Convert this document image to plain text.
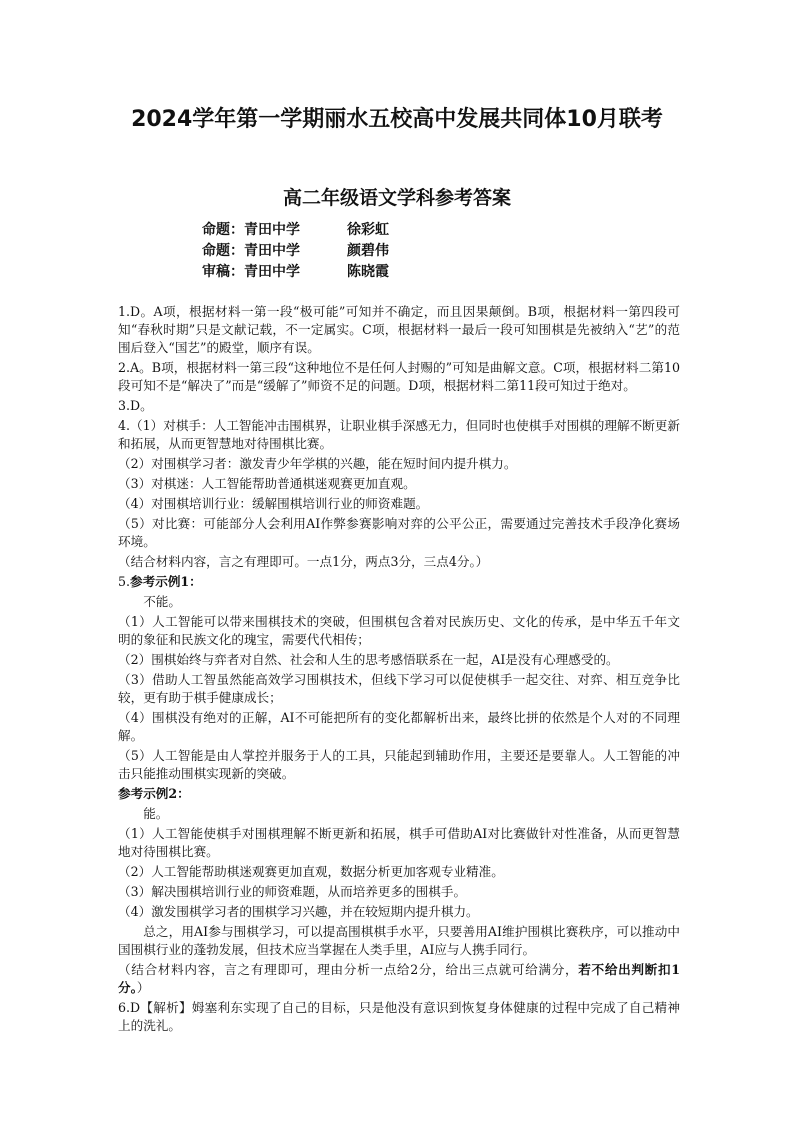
2024学年第一学期丽水五校高中发展共同体10月联考
高二年级语文学科参考答案
命题：青田中学	徐彩虹
命题：青田中学	颜碧伟
审稿：青田中学	陈晓霞

1.D。A项，根据材料一第一段“极可能”可知并不确定，而且因果颠倒。B项，根据材料一第四段可知“春秋时期”只是文献记载，不一定属实。C项，根据材料一最后一段可知围棋是先被纳入“艺”的范围后登入“国艺”的殿堂，顺序有误。

2.A。B项，根据材料一第三段“这种地位不是任何人封赐的”可知是曲解文意。C项，根据材料二第10段可知不是“解决了”而是“缓解了”师资不足的问题。D项，根据材料二第11段可知过于绝对。

3.D。

4.（1）对棋手：人工智能冲击围棋界，让职业棋手深感无力，但同时也使棋手对围棋的理解不断更新和拓展，从而更智慧地对待围棋比赛。

（2）对围棋学习者：激发青少年学棋的兴趣，能在短时间内提升棋力。

（3）对棋迷：人工智能帮助普通棋迷观赛更加直观。

（4）对围棋培训行业：缓解围棋培训行业的师资难题。

（5）对比赛：可能部分人会利用AI作弊参赛影响对弈的公平公正，需要通过完善技术手段净化赛场环境。

（结合材料内容，言之有理即可。一点1分，两点3分，三点4分。）

5.参考示例1：

不能。

（1）人工智能可以带来围棋技术的突破，但围棋包含着对民族历史、文化的传承，是中华五千年文明的象征和民族文化的瑰宝，需要代代相传；

（2）围棋始终与弈者对自然、社会和人生的思考感悟联系在一起，AI是没有心理感受的。

（3）借助人工智虽然能高效学习围棋技术，但线下学习可以促使棋手一起交往、对弈、相互竞争比较，更有助于棋手健康成长；

（4）围棋没有绝对的正解，AI不可能把所有的变化都解析出来，最终比拼的依然是个人对的不同理解。

（5）人工智能是由人掌控并服务于人的工具，只能起到辅助作用，主要还是要靠人。人工智能的冲击只能推动围棋实现新的突破。

参考示例2：

能。

（1）人工智能使棋手对围棋理解不断更新和拓展，棋手可借助AI对比赛做针对性准备，从而更智慧地对待围棋比赛。

（2）人工智能帮助棋迷观赛更加直观，数据分析更加客观专业精准。

（3）解决围棋培训行业的师资难题，从而培养更多的围棋手。

（4）激发围棋学习者的围棋学习兴趣，并在较短期内提升棋力。

总之，用AI参与围棋学习，可以提高围棋棋手水平，只要善用AI维护围棋比赛秩序，可以推动中国围棋行业的蓬勃发展，但技术应当掌握在人类手里，AI应与人携手同行。

（结合材料内容，言之有理即可，理由分析一点给2分，给出三点就可给满分，若不给出判断扣1分。）

6.D【解析】姆塞利东实现了自己的目标，只是他没有意识到恢复身体健康的过程中完成了自己精神上的洗礼。
